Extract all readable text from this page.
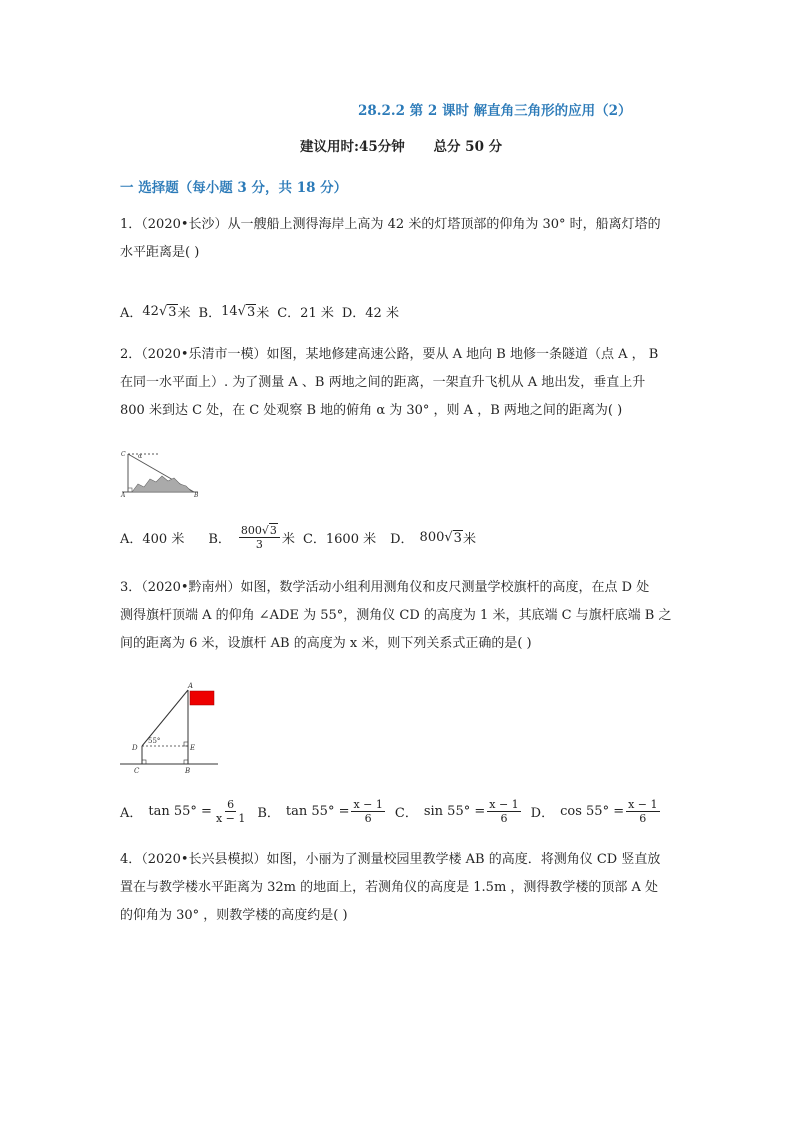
28.2.2 第 2 课时 解直角三角形的应用（2）
建议用时:45分钟 总分 50 分
一 选择题（每小题 3 分，共 18 分）
1．（2020•长沙）从一艘船上测得海岸上高为 42 米的灯塔顶部的仰角为 30° 时，船离灯塔的
水平距离是( )
A． 42 √ 3 米 B． 14 √ 3 米 C．21 米 D．42 米
2．（2020•乐清市一模）如图，某地修建高速公路，要从 A 地向 B 地修一条隧道（点 A ， B
在同一水平面上）. 为了测量 A 、B 两地之间的距离，一架直升飞机从 A 地出发，垂直上升
800 米到达 C 处，在 C 处观察 B 地的俯角 α 为 30° ，则 A ，B 两地之间的距离为( )
C
A	B
α
A．400 米 B． $\frac{800√3}{3}$ 米 C．1600 米 D． 800 √ 3 米
3．（2020•黔南州）如图，数学活动小组利用测角仪和皮尺测量学校旗杆的高度，在点 D 处
测得旗杆顶端 A 的仰角 ∠ADE 为 55°，测角仪 CD 的高度为 1 米，其底端 C 与旗杆底端 B 之
间的距离为 6 米，设旗杆 AB 的高度为 x 米，则下列关系式正确的是( )
A
D	E
C	B
55°
A． $\tan 55^\circ = \frac{6}{x - 1}$ B． $\tan 55^\circ = \frac{x - 1}{6}$ C． $\sin 55^\circ = \frac{x - 1}{6}$ D． $\cos 55^\circ = \frac{x - 1}{6}$
4．（2020•长兴县模拟）如图，小丽为了测量校园里教学楼 AB 的高度．将测角仪 CD 竖直放
置在与教学楼水平距离为 32m 的地面上，若测角仪的高度是 1.5m ，测得教学楼的顶部 A 处
的仰角为 30° ，则教学楼的高度约是( )
